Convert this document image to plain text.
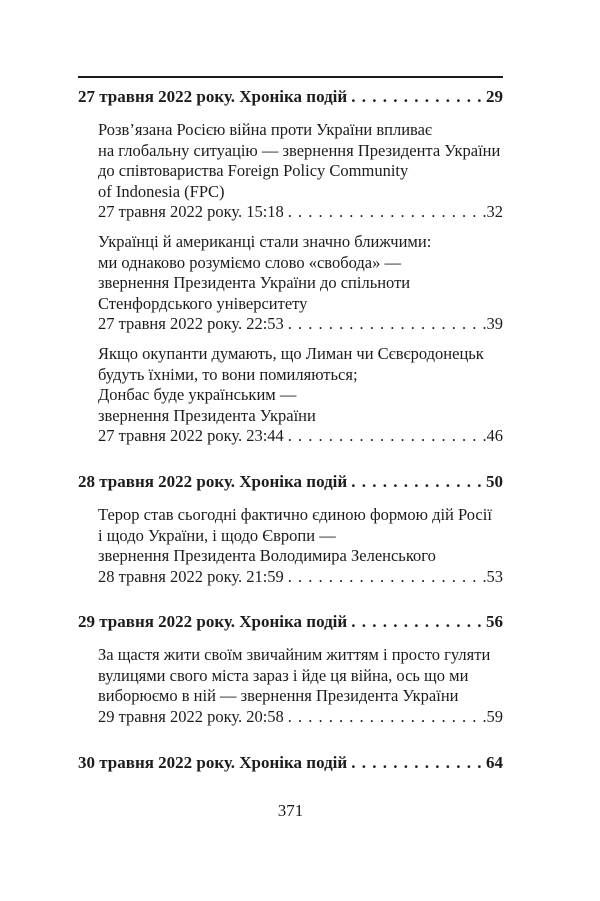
27 травня 2022 року. Хроніка подій . . .	29
Розв’язана Росією війна проти України впливає
на глобальну ситуацію — звернення Президента України
до співтовариства Foreign Policy Community
of Indonesia (FPC)
27 травня 2022 року. 15:18 . . .	32
Українці й американці стали значно ближчими:
ми однаково розуміємо слово «свобода» —
звернення Президента України до спільноти
Стенфордського університету
27 травня 2022 року. 22:53 . . .	39
Якщо окупанти думають, що Лиман чи Сєвєродонецьк
будуть їхніми, то вони помиляються;
Донбас буде українським —
звернення Президента України
27 травня 2022 року. 23:44 . . .	46
28 травня 2022 року. Хроніка подій . . .	50
Терор став сьогодні фактично єдиною формою дій Росії
і щодо України, і щодо Європи —
звернення Президента Володимира Зеленського
28 травня 2022 року. 21:59 . . .	53
29 травня 2022 року. Хроніка подій . . .	56
За щастя жити своїм звичайним життям і просто гуляти
вулицями свого міста зараз і йде ця війна, ось що ми
виборюємо в ній — звернення Президента України
29 травня 2022 року. 20:58 . . .	59
30 травня 2022 року. Хроніка подій . . .	64
371
